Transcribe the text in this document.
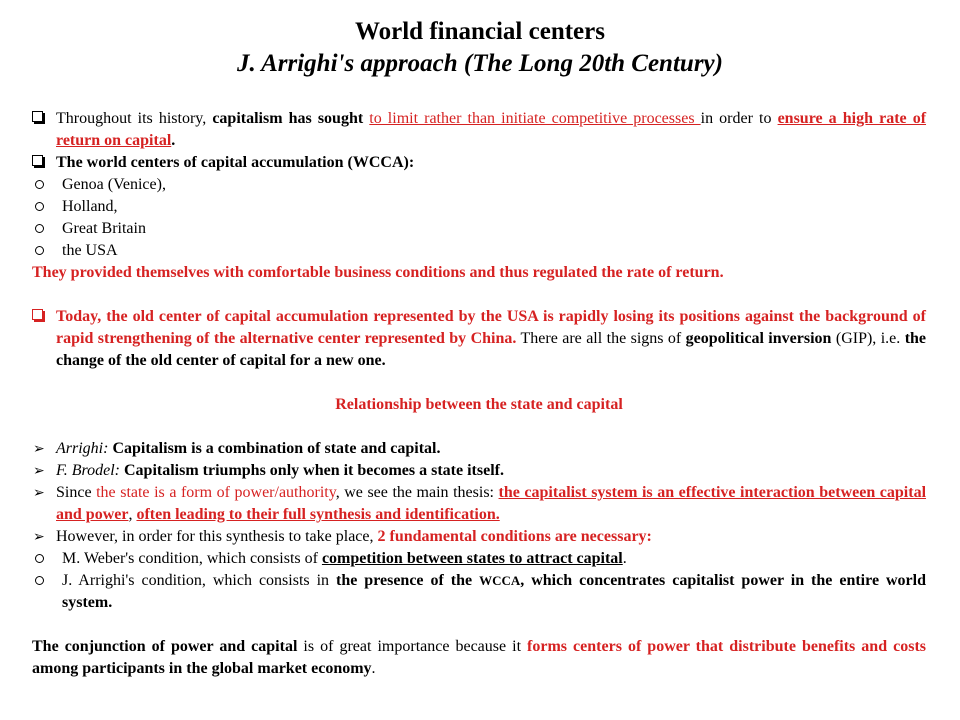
World financial centers
J. Arrighi's approach (The Long 20th Century)

Throughout its history, capitalism has sought to limit rather than initiate competitive processes in order to ensure a high rate of return on capital.

The world centers of capital accumulation (WCCA):

Genoa (Venice),

Holland,

Great Britain

the USA

They provided themselves with comfortable business conditions and thus regulated the rate of return.

Today, the old center of capital accumulation represented by the USA is rapidly losing its positions against the background of rapid strengthening of the alternative center represented by China. There are all the signs of geopolitical inversion (GIP), i.e. the change of the old center of capital for a new one.

Relationship between the state and capital

➢ Arrighi: Capitalism is a combination of state and capital.

➢ F. Brodel: Capitalism triumphs only when it becomes a state itself.

➢ Since the state is a form of power/authority, we see the main thesis: the capitalist system is an effective interaction between capital and power, often leading to their full synthesis and identification.

➢ However, in order for this synthesis to take place, 2 fundamental conditions are necessary:

M. Weber's condition, which consists of competition between states to attract capital.

J. Arrighi's condition, which consists in the presence of the WCCA, which concentrates capitalist power in the entire world system.

The conjunction of power and capital is of great importance because it forms centers of power that distribute benefits and costs among participants in the global market economy.
